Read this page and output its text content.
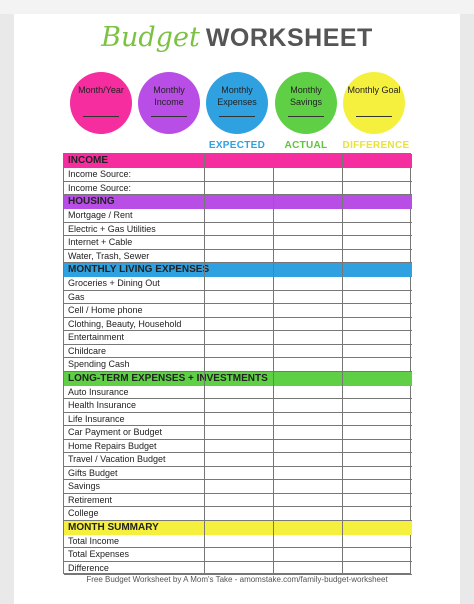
Budget WORKSHEET
Month/Year	Monthly Income
Monthly Expenses
Monthly Savings
Monthly Goal
EXPECTED	ACTUAL	DIFFERENCE
INCOME
Income Source:
Income Source:
HOUSING
Mortgage / Rent
Electric + Gas Utilities
Internet + Cable
Water, Trash, Sewer
MONTHLY LIVING EXPENSES
Groceries + Dining Out
Gas
Cell / Home phone
Clothing, Beauty, Household
Entertainment
Childcare
Spending Cash
LONG-TERM EXPENSES + INVESTMENTS
Auto Insurance
Health Insurance
Life Insurance
Car Payment or Budget
Home Repairs Budget
Travel / Vacation Budget
Gifts Budget
Savings
Retirement
College
MONTH SUMMARY
Total Income
Total Expenses
Difference
Free Budget Worksheet by A Mom's Take - amomstake.com/family-budget-worksheet
